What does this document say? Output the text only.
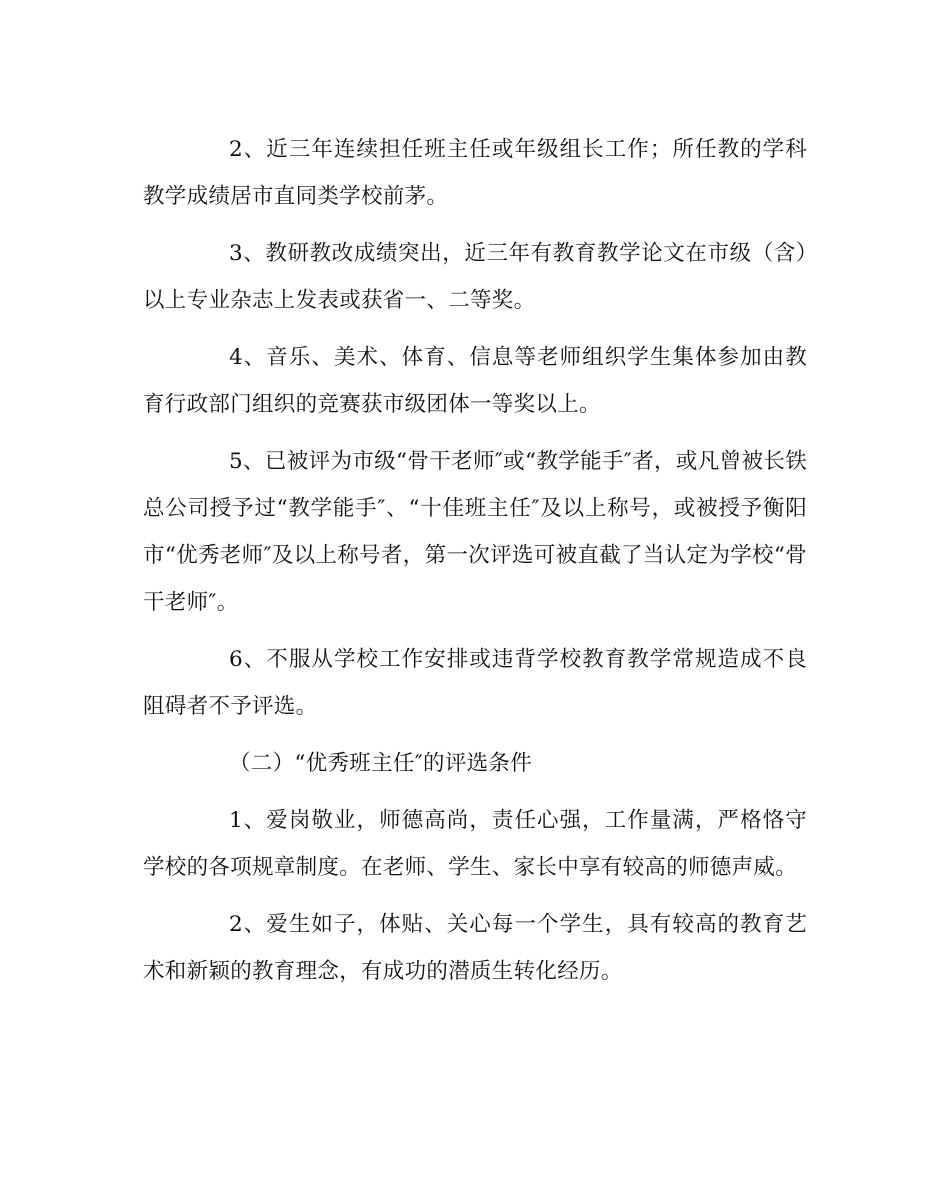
2、近三年连续担任班主任或年级组长工作；所任教的学科教学成绩居市直同类学校前茅。

3、教研教改成绩突出，近三年有教育教学论文在市级（含）以上专业杂志上发表或获省一、二等奖。

4、音乐、美术、体育、信息等老师组织学生集体参加由教育行政部门组织的竞赛获市级团体一等奖以上。

5、已被评为市级“骨干老师″或“教学能手″者，或凡曾被长铁总公司授予过“教学能手″、“十佳班主任″及以上称号，或被授予衡阳市“优秀老师″及以上称号者，第一次评选可被直截了当认定为学校“骨干老师″。

6、不服从学校工作安排或违背学校教育教学常规造成不良阻碍者不予评选。

（二）“优秀班主任″的评选条件

1、爱岗敬业，师德高尚，责任心强，工作量满，严格恪守学校的各项规章制度。在老师、学生、家长中享有较高的师德声威。

2、爱生如子，体贴、关心每一个学生，具有较高的教育艺术和新颖的教育理念，有成功的潜质生转化经历。
